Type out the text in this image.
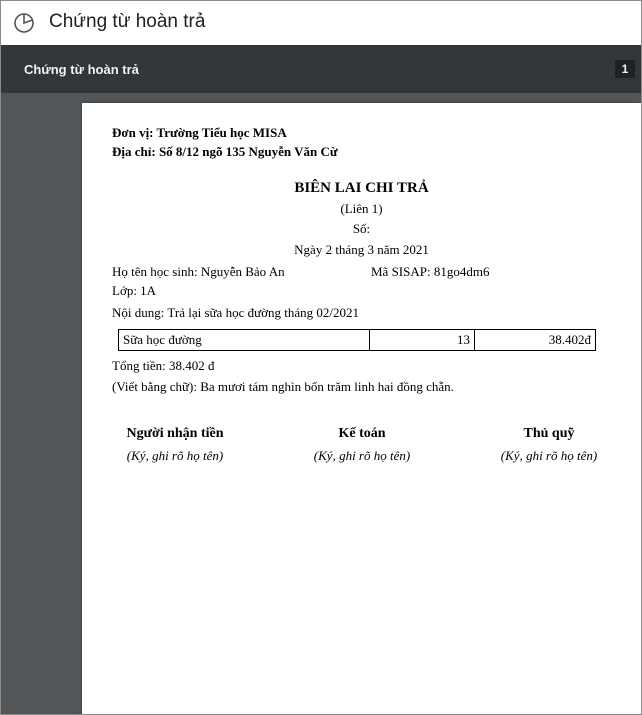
Chứng từ hoàn trả
Chứng từ hoàn trả	1
Đơn vị: Trường Tiểu học MISA
Địa chỉ: Số 8/12 ngõ 135 Nguyễn Văn Cừ
BIÊN LAI CHI TRẢ
(Liên 1)
Số:
Ngày 2 tháng 3 năm 2021
Họ tên học sinh: Nguyễn Bảo An	Mã SISAP: 81go4dm6
Lớp: 1A
Nội dung: Trả lại sữa học đường tháng 02/2021
Sữa học đường	13	38.402đ
Tổng tiền: 38.402 đ
(Viết bằng chữ): Ba mươi tám nghìn bốn trăm linh hai đồng chẵn.
Người nhận tiền
(Ký, ghi rõ họ tên)
Kế toán
(Ký, ghi rõ họ tên)
Thủ quỹ
(Ký, ghi rõ họ tên)
